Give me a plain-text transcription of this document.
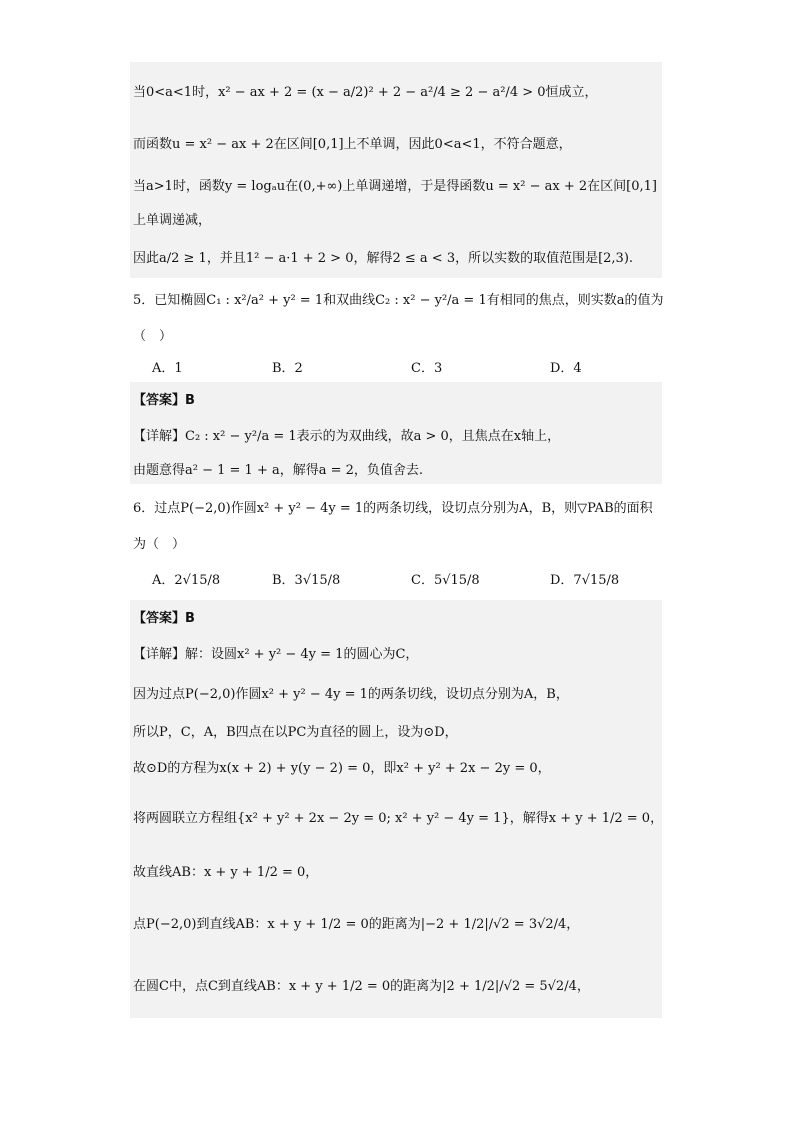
当0<a<1时，x² − ax + 2 = (x − a/2)² + 2 − a²/4 ≥ 2 − a²/4 > 0恒成立，
而函数u = x² − ax + 2在区间[0,1]上不单调，因此0<a<1，不符合题意，
当a>1时，函数y = logₐu在(0,+∞)上单调递增，于是得函数u = x² − ax + 2在区间[0,1]
上单调递减，
因此a/2 ≥ 1，并且1² − a·1 + 2 > 0，解得2 ≤ a < 3，所以实数的取值范围是[2,3).
5．已知椭圆C₁ : x²/a² + y² = 1和双曲线C₂ : x² − y²/a = 1有相同的焦点，则实数a的值为
（　）
A．1	B．2	C．3	D．4
【答案】B
【详解】C₂ : x² − y²/a = 1表示的为双曲线，故a > 0，且焦点在x轴上，
由题意得a² − 1 = 1 + a，解得a = 2，负值舍去.
6．过点P(−2,0)作圆x² + y² − 4y = 1的两条切线，设切点分别为A，B，则▽PAB的面积
为（　）
A．2√15/8	B．3√15/8	C．5√15/8	D．7√15/8
【答案】B
【详解】解：设圆x² + y² − 4y = 1的圆心为C，
因为过点P(−2,0)作圆x² + y² − 4y = 1的两条切线，设切点分别为A，B，
所以P，C，A，B四点在以PC为直径的圆上，设为⊙D，
故⊙D的方程为x(x + 2) + y(y − 2) = 0，即x² + y² + 2x − 2y = 0，
将两圆联立方程组{x² + y² + 2x − 2y = 0; x² + y² − 4y = 1}，解得x + y + 1/2 = 0，
故直线AB：x + y + 1/2 = 0，
点P(−2,0)到直线AB：x + y + 1/2 = 0的距离为|−2 + 1/2|/√2 = 3√2/4，
在圆C中，点C到直线AB：x + y + 1/2 = 0的距离为|2 + 1/2|/√2 = 5√2/4，
